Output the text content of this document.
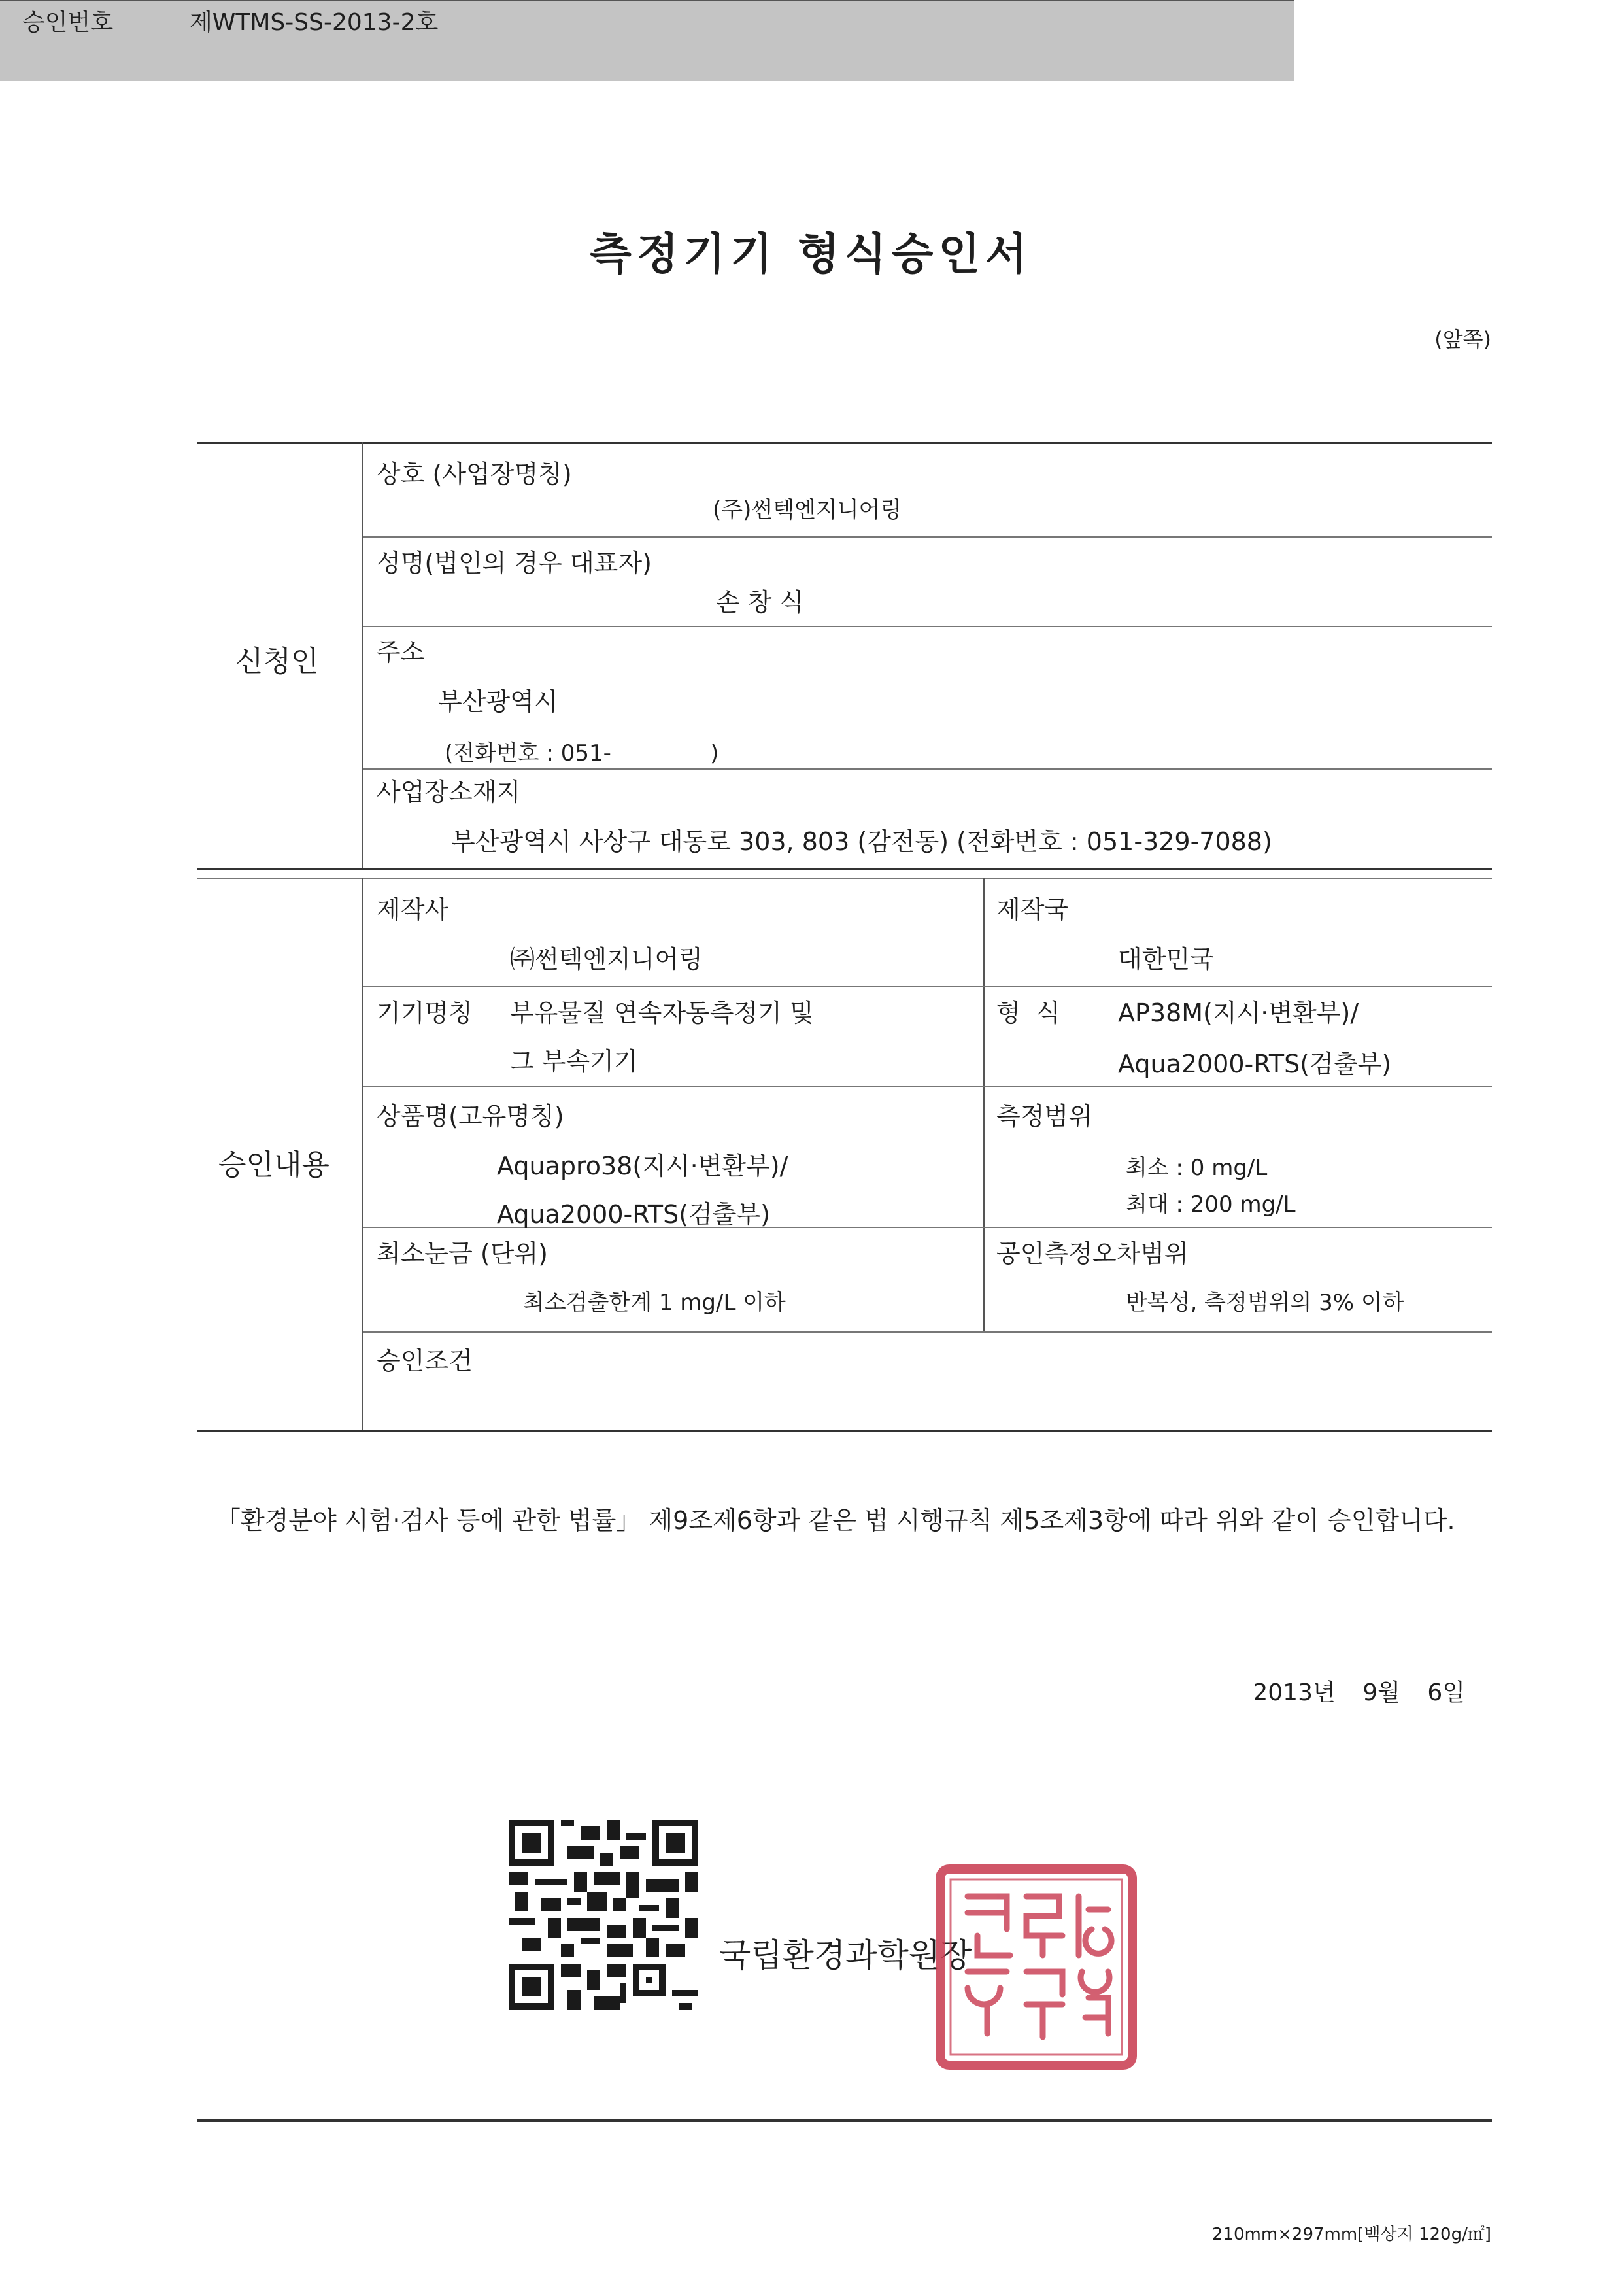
측정기기 형식승인서
(앞쪽)
승인번호	제WTMS-SS-2013-2호
신청인
상호 (사업장명칭)
(주)썬텍엔지니어링
성명(법인의 경우 대표자)
손 창 식
주소
부산광역시
(전화번호 : 051-              )
사업장소재지
부산광역시 사상구 대동로 303, 803 (감전동) (전화번호 : 051-329-7088)
승인내용
제작사
㈜썬텍엔지니어링
제작국
대한민국
기기명칭 부유물질 연속자동측정기 및
그 부속기기
형  식 AP38M(지시·변환부)/
Aqua2000-RTS(검출부)
상품명(고유명칭)
Aquapro38(지시·변환부)/
Aqua2000-RTS(검출부)
측정범위
최소 : 0 mg/L
최대 : 200 mg/L
최소눈금 (단위)
최소검출한계 1 mg/L 이하
공인측정오차범위
반복성, 측정범위의 3% 이하
승인조건
「환경분야 시험·검사 등에 관한 법률」 제9조제6항과 같은 법 시행규칙 제5조제3항에 따라 위와 같이 승인합니다.
2013년 9월 6일
국립환경과학원장
210mm×297mm[백상지 120g/㎡]
